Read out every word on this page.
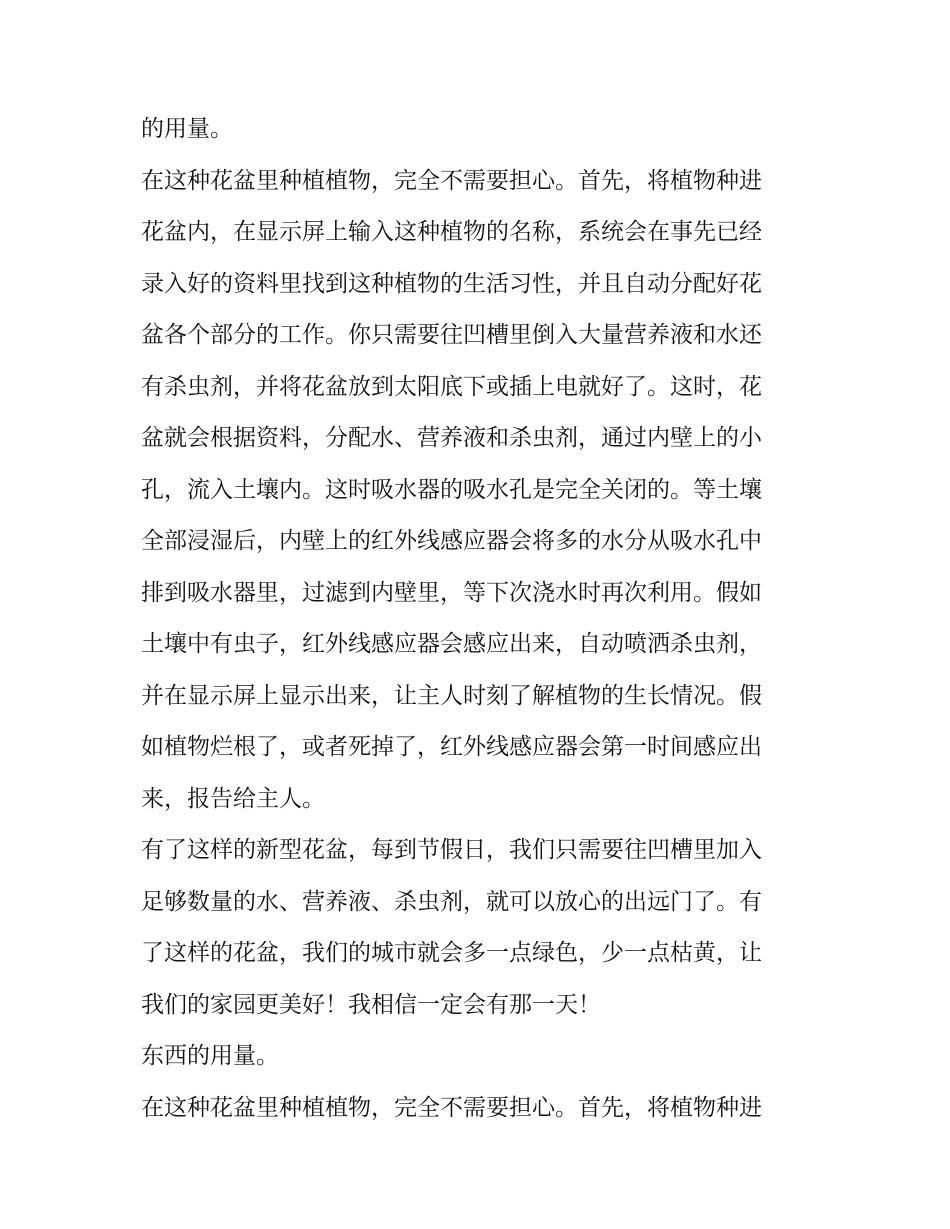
的用量。
在这种花盆里种植植物，完全不需要担心。首先，将植物种进
花盆内，在显示屏上输入这种植物的名称，系统会在事先已经
录入好的资料里找到这种植物的生活习性，并且自动分配好花
盆各个部分的工作。你只需要往凹槽里倒入大量营养液和水还
有杀虫剂，并将花盆放到太阳底下或插上电就好了。这时，花
盆就会根据资料，分配水、营养液和杀虫剂，通过内壁上的小
孔，流入土壤内。这时吸水器的吸水孔是完全关闭的。等土壤
全部浸湿后，内壁上的红外线感应器会将多的水分从吸水孔中
排到吸水器里，过滤到内壁里，等下次浇水时再次利用。假如
土壤中有虫子，红外线感应器会感应出来，自动喷洒杀虫剂，
并在显示屏上显示出来，让主人时刻了解植物的生长情况。假
如植物烂根了，或者死掉了，红外线感应器会第一时间感应出
来，报告给主人。
有了这样的新型花盆，每到节假日，我们只需要往凹槽里加入
足够数量的水、营养液、杀虫剂，就可以放心的出远门了。有
了这样的花盆，我们的城市就会多一点绿色，少一点枯黄，让
我们的家园更美好！我相信一定会有那一天！
东西的用量。
在这种花盆里种植植物，完全不需要担心。首先，将植物种进
